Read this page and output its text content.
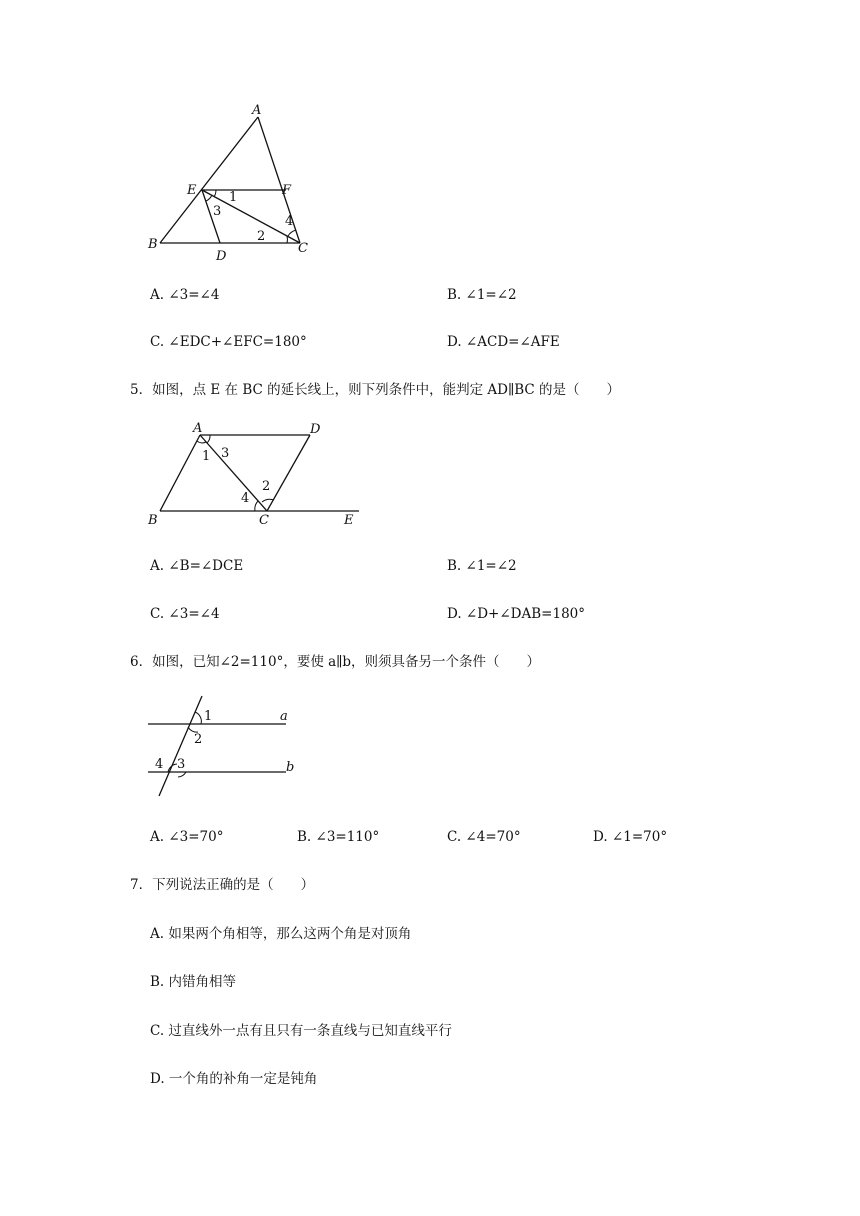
A
E	F
B
D
C
1
2
3
4
A. ∠3=∠4	B. ∠1=∠2
C. ∠EDC+∠EFC=180°	D. ∠ACD=∠AFE
5．如图，点 E 在 BC 的延长线上，则下列条件中，能判定 AD∥BC 的是（　　）
A	D
B	C	E
1
2
3
4
A. ∠B=∠DCE	B. ∠1=∠2
C. ∠3=∠4	D. ∠D+∠DAB=180°
6．如图，已知∠2=110°，要使 a∥b，则须具备另一个条件（　　）
1
2
3
4
a
b
A. ∠3=70°	B. ∠3=110°	C. ∠4=70°	D. ∠1=70°
7．下列说法正确的是（　　）
A. 如果两个角相等，那么这两个角是对顶角
B. 内错角相等
C. 过直线外一点有且只有一条直线与已知直线平行
D. 一个角的补角一定是钝角
